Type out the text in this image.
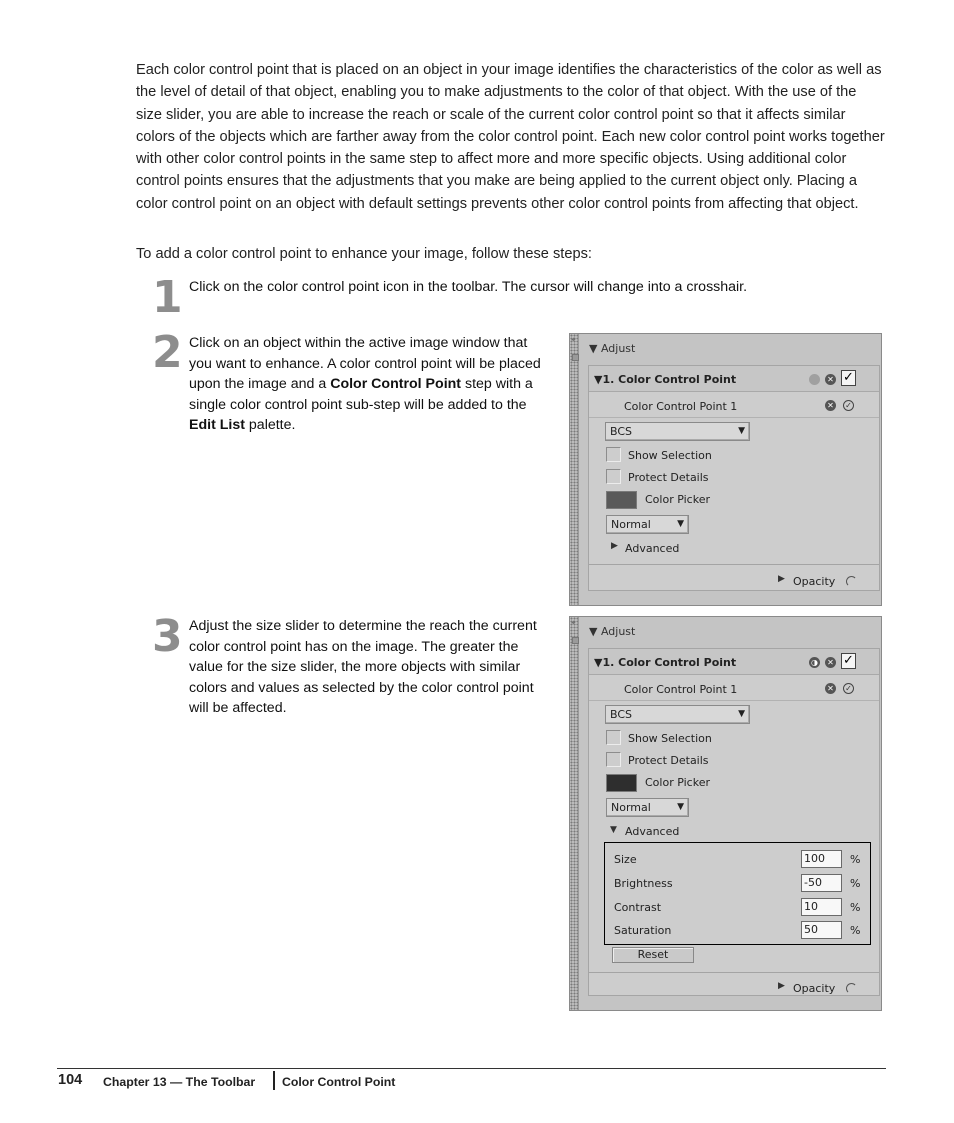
Each color control point that is placed on an object in your image identifies the characteristics of the color as well as the level of detail of that object, enabling you to make adjustments to the color of that object. With the use of the size slider, you are able to increase the reach or scale of the current color control point so that it affects similar colors of the objects which are farther away from the color control point. Each new color control point works together with other color control points in the same step to affect more and more specific objects. Using additional color control points ensures that the adjustments that you make are being applied to the current object only. Placing a color control point on an object with default settings prevents other color control points from affecting that object.

To add a color control point to enhance your image, follow these steps:

1 Click on the color control point icon in the toolbar. The cursor will change into a crosshair.
2 Click on an object within the active image window that you want to enhance. A color control point will be placed upon the image and a Color Control Point step with a single color control point sub-step will be added to the Edit List palette.
3 Adjust the size slider to determine the reach the current color control point has on the image. The greater the value for the size slider, the more objects with similar colors and values as selected by the color control point will be affected.
⌖
▼ Adjust
▼1. Color Control Point	✕ ✓
Color Control Point 1	✕ ✓
BCS	▼
Show Selection
Protect Details
Color Picker
Normal	▼
▶ Advanced
▶ Opacity
⌖
▼ Adjust
▼1. Color Control Point	◑ ✕ ✓
Color Control Point 1	✕ ✓
BCS	▼
Show Selection
Protect Details
Color Picker
Normal	▼
▼ Advanced
Size	100	%
Brightness	-50	%
Contrast	10	%
Saturation	50	%
Reset
▶ Opacity
104 Chapter 13 — The Toolbar Color Control Point
